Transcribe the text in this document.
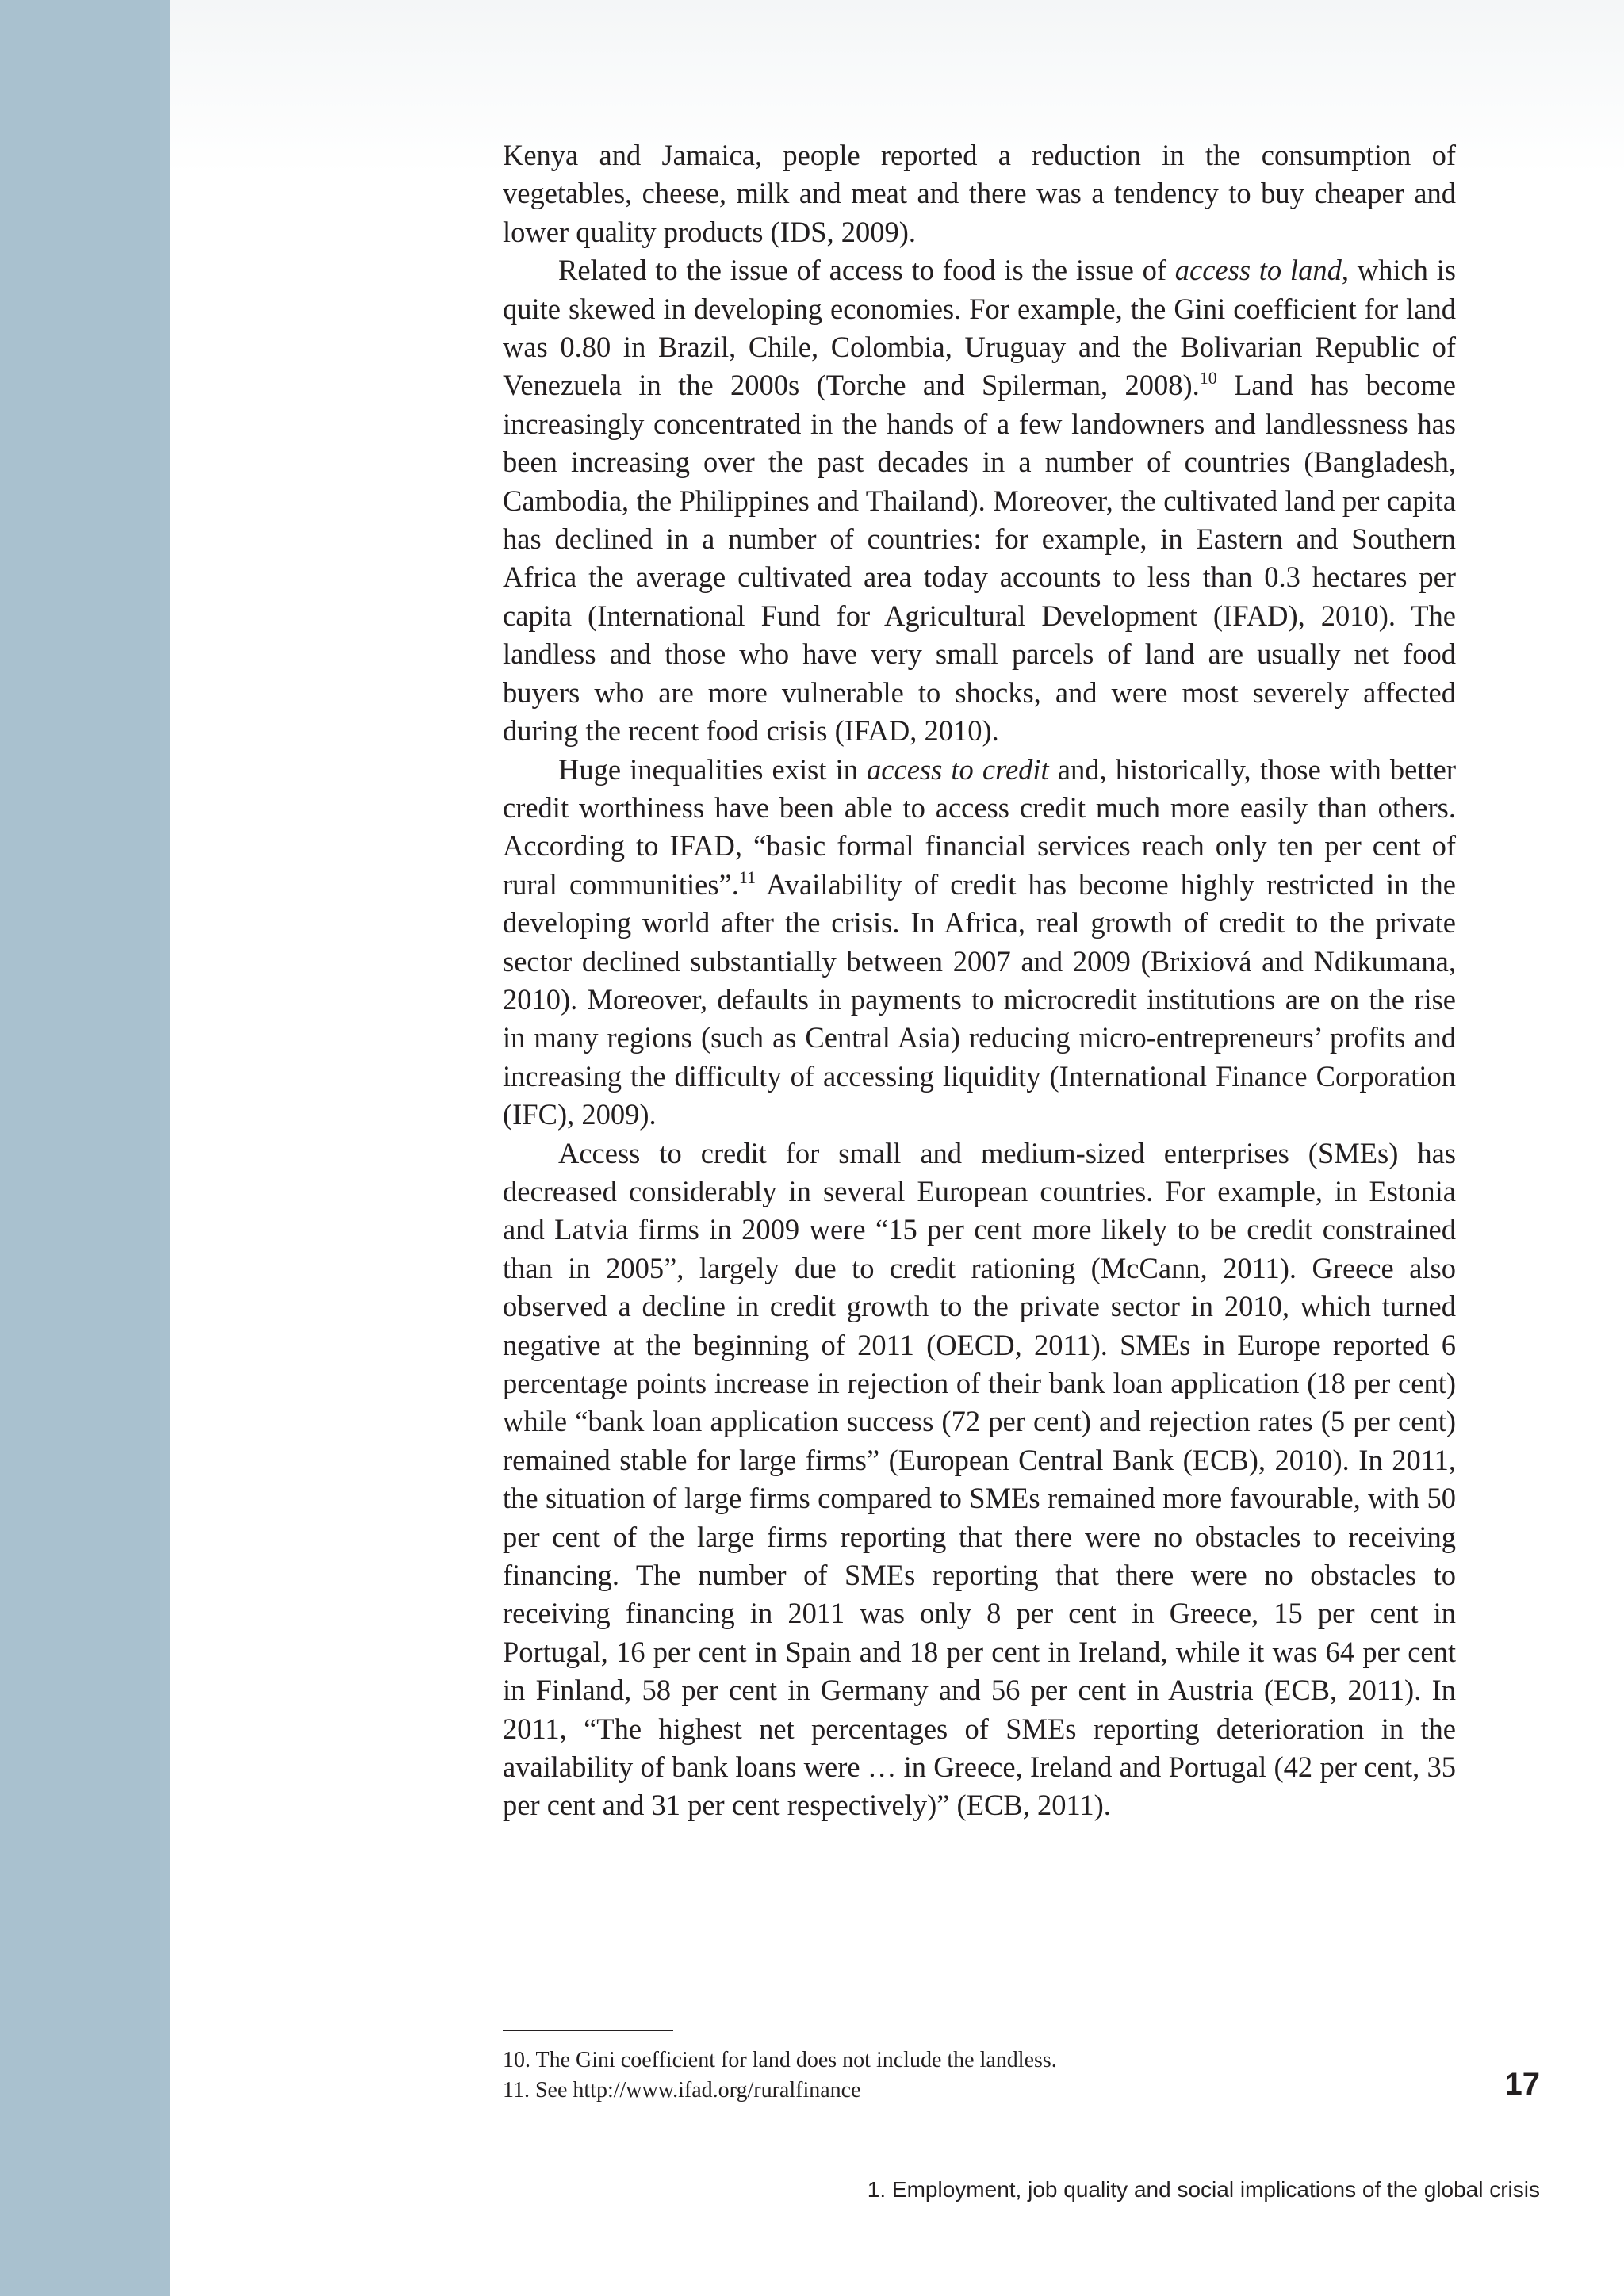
Kenya and Jamaica, people reported a reduction in the consumption of vegetables, cheese, milk and meat and there was a tendency to buy cheaper and lower quality products (IDS, 2009).

Related to the issue of access to food is the issue of access to land, which is quite skewed in developing economies. For example, the Gini coefficient for land was 0.80 in Brazil, Chile, Colombia, Uruguay and the Bolivarian Republic of Venezuela in the 2000s (Torche and Spilerman, 2008).$^{10}$ Land has become increasingly concentrated in the hands of a few landowners and landlessness has been increasing over the past decades in a number of countries (Bangladesh, Cambodia, the Philippines and Thailand). Moreover, the cultivated land per capita has declined in a number of countries: for example, in Eastern and Southern Africa the average cultivated area today accounts to less than 0.3 hectares per capita (International Fund for Agricultural Development (IFAD), 2010). The landless and those who have very small parcels of land are usually net food buyers who are more vulnerable to shocks, and were most severely affected during the recent food crisis (IFAD, 2010).

Huge inequalities exist in access to credit and, historically, those with better credit worthiness have been able to access credit much more easily than others. According to IFAD, “basic formal financial services reach only ten per cent of rural communities”.$^{11}$ Availability of credit has become highly restricted in the developing world after the crisis. In Africa, real growth of credit to the private sector declined substantially between 2007 and 2009 (Brixiová and Ndikumana, 2010). Moreover, defaults in payments to microcredit institutions are on the rise in many regions (such as Central Asia) reducing micro-entrepreneurs’ profits and increasing the difficulty of accessing liquidity (International Finance Corporation (IFC), 2009).

Access to credit for small and medium-sized enterprises (SMEs) has decreased considerably in several European countries. For example, in Estonia and Latvia firms in 2009 were “15 per cent more likely to be credit constrained than in 2005”, largely due to credit rationing (McCann, 2011). Greece also observed a decline in credit growth to the private sector in 2010, which turned negative at the beginning of 2011 (OECD, 2011). SMEs in Europe reported 6 percentage points increase in rejection of their bank loan application (18 per cent) while “bank loan application success (72 per cent) and rejection rates (5 per cent) remained stable for large firms” (European Central Bank (ECB), 2010). In 2011, the situation of large firms compared to SMEs remained more favourable, with 50 per cent of the large firms reporting that there were no obstacles to receiving financing. The number of SMEs reporting that there were no obstacles to receiving financing in 2011 was only 8 per cent in Greece, 15 per cent in Portugal, 16 per cent in Spain and 18 per cent in Ireland, while it was 64 per cent in Finland, 58 per cent in Germany and 56 per cent in Austria (ECB, 2011). In 2011, “The highest net percentages of SMEs reporting deterioration in the availability of bank loans were … in Greece, Ireland and Portugal (42 per cent, 35 per cent and 31 per cent respectively)” (ECB, 2011).

10. The Gini coefficient for land does not include the landless.
11. See http://www.ifad.org/ruralfinance	17
1. Employment, job quality and social implications of the global crisis
